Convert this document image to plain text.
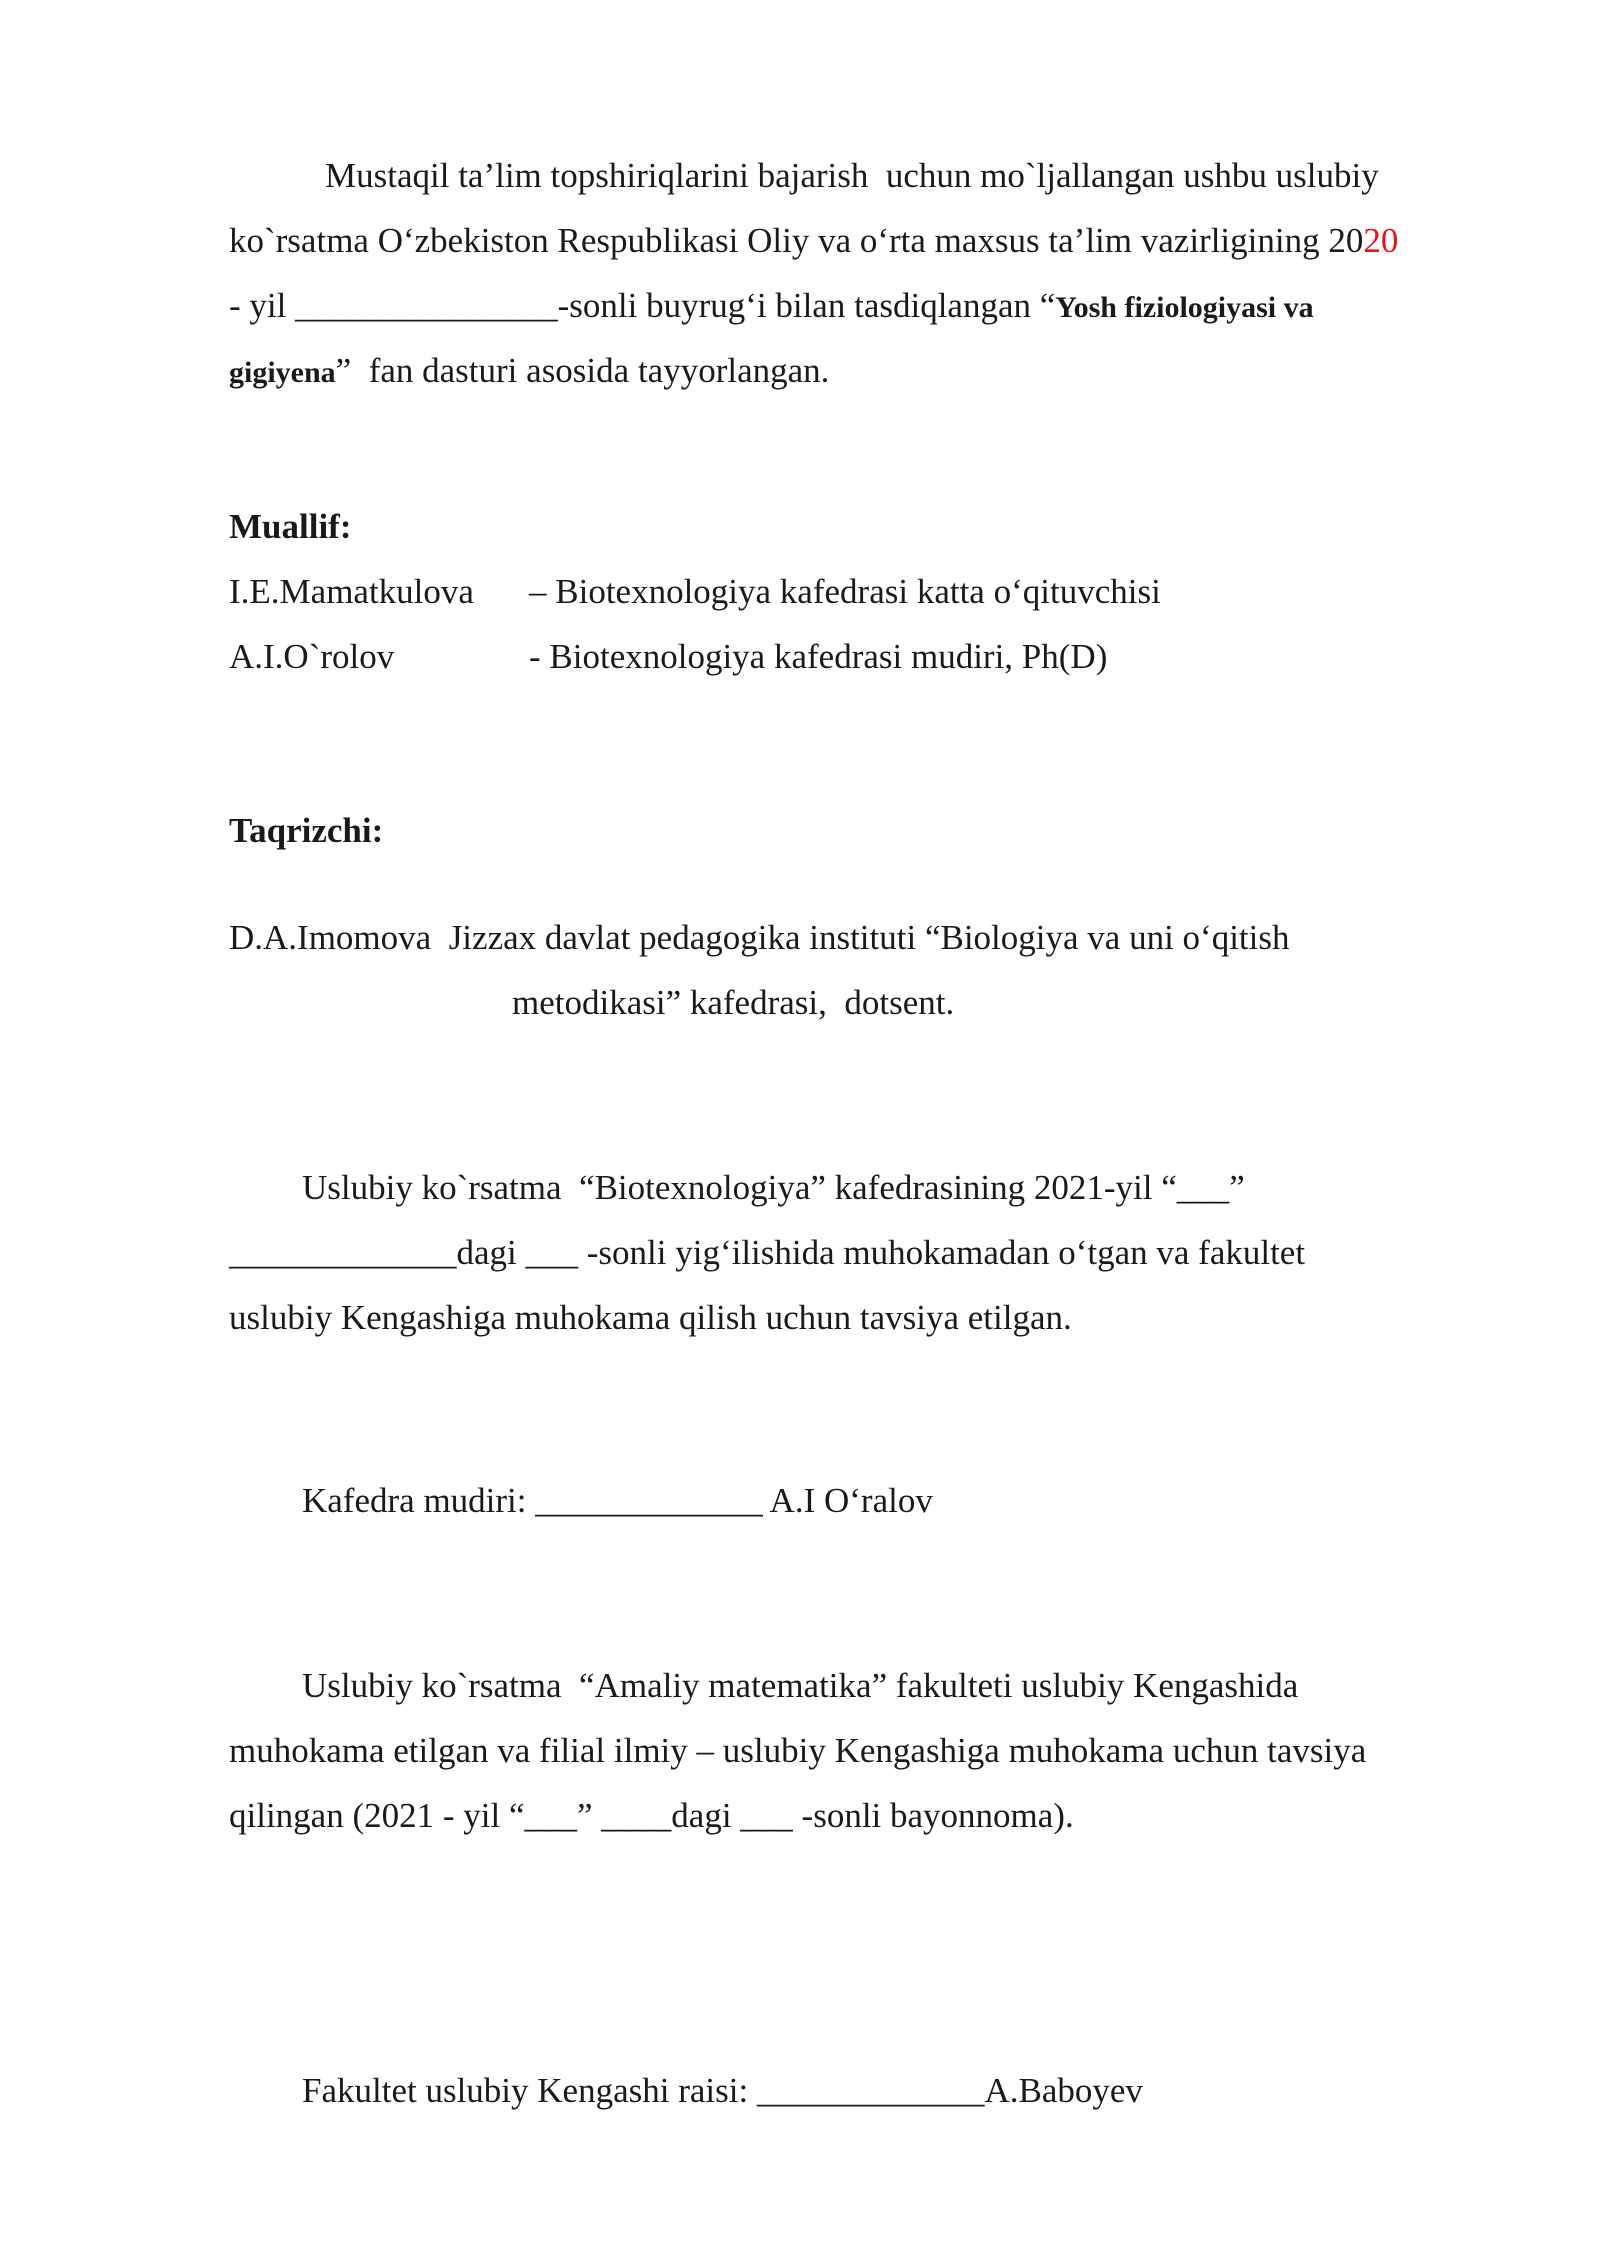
Mustaqil ta’lim topshiriqlarini bajarish  uchun mo`ljallangan ushbu uslubiy
ko`rsatma O‘zbekiston Respublikasi Oliy va o‘rta maxsus ta’lim vazirligining 2020
- yil _______________-sonli buyrug‘i bilan tasdiqlangan “Yosh fiziologiyasi va
gigiyena”  fan dasturi asosida tayyorlangan.
Muallif:
I.E.Mamatkulova – Biotexnologiya kafedrasi katta o‘qituvchisi
A.I.O`rolov	- Biotexnologiya kafedrasi mudiri, Ph(D)
Taqrizchi:
D.A.Imomova  Jizzax davlat pedagogika instituti “Biologiya va uni o‘qitish
metodikasi” kafedrasi,  dotsent.
Uslubiy ko`rsatma  “Biotexnologiya” kafedrasining 2021-yil “___”
_____________dagi ___ -sonli yig‘ilishida muhokamadan o‘tgan va fakultet
uslubiy Kengashiga muhokama qilish uchun tavsiya etilgan.
Kafedra mudiri: _____________ A.I O‘ralov
Uslubiy ko`rsatma  “Amaliy matematika” fakulteti uslubiy Kengashida
muhokama etilgan va filial ilmiy – uslubiy Kengashiga muhokama uchun tavsiya
qilingan (2021 - yil “___” ____dagi ___ -sonli bayonnoma).
Fakultet uslubiy Kengashi raisi: _____________A.Baboyev
